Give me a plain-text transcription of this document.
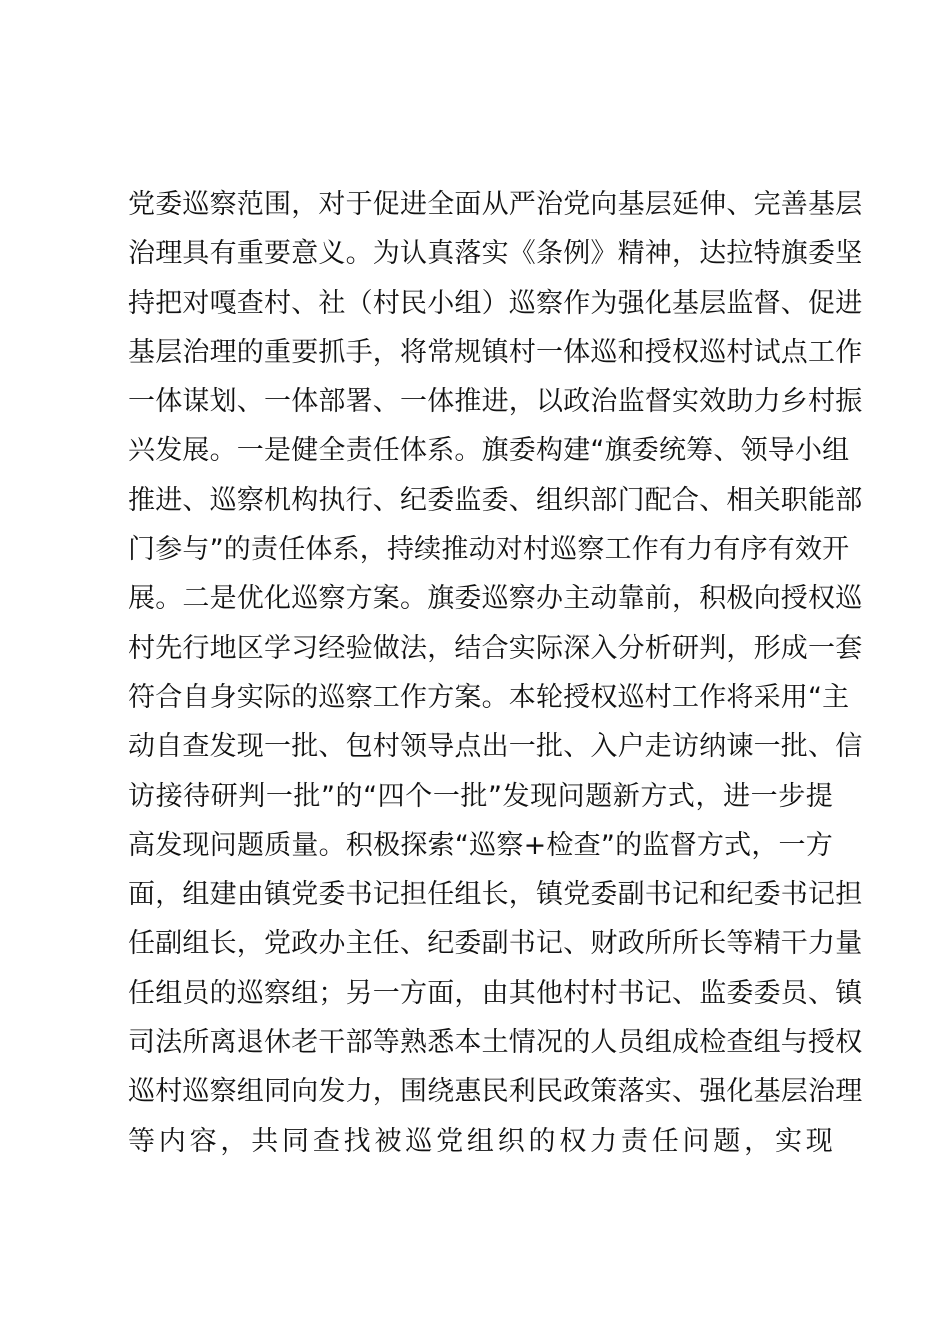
党委巡察范围，对于促进全面从严治党向基层延伸、完善基层
治理具有重要意义。为认真落实《条例》精神，达拉特旗委坚
持把对嘎查村、社（村民小组）巡察作为强化基层监督、促进
基层治理的重要抓手，将常规镇村一体巡和授权巡村试点工作
一体谋划、一体部署、一体推进，以政治监督实效助力乡村振
兴发展。一是健全责任体系。旗委构建“旗委统筹、领导小组
推进、巡察机构执行、纪委监委、组织部门配合、相关职能部
门参与”的责任体系，持续推动对村巡察工作有力有序有效开
展。二是优化巡察方案。旗委巡察办主动靠前，积极向授权巡
村先行地区学习经验做法，结合实际深入分析研判，形成一套
符合自身实际的巡察工作方案。本轮授权巡村工作将采用“主
动自查发现一批、包村领导点出一批、入户走访纳谏一批、信
访接待研判一批”的“四个一批”发现问题新方式，进一步提
高发现问题质量。积极探索“巡察+检查”的监督方式，一方
面，组建由镇党委书记担任组长，镇党委副书记和纪委书记担
任副组长，党政办主任、纪委副书记、财政所所长等精干力量
任组员的巡察组；另一方面，由其他村村书记、监委委员、镇
司法所离退休老干部等熟悉本土情况的人员组成检查组与授权
巡村巡察组同向发力，围绕惠民利民政策落实、强化基层治理
等内容，共同查找被巡党组织的权力责任问题，实现
